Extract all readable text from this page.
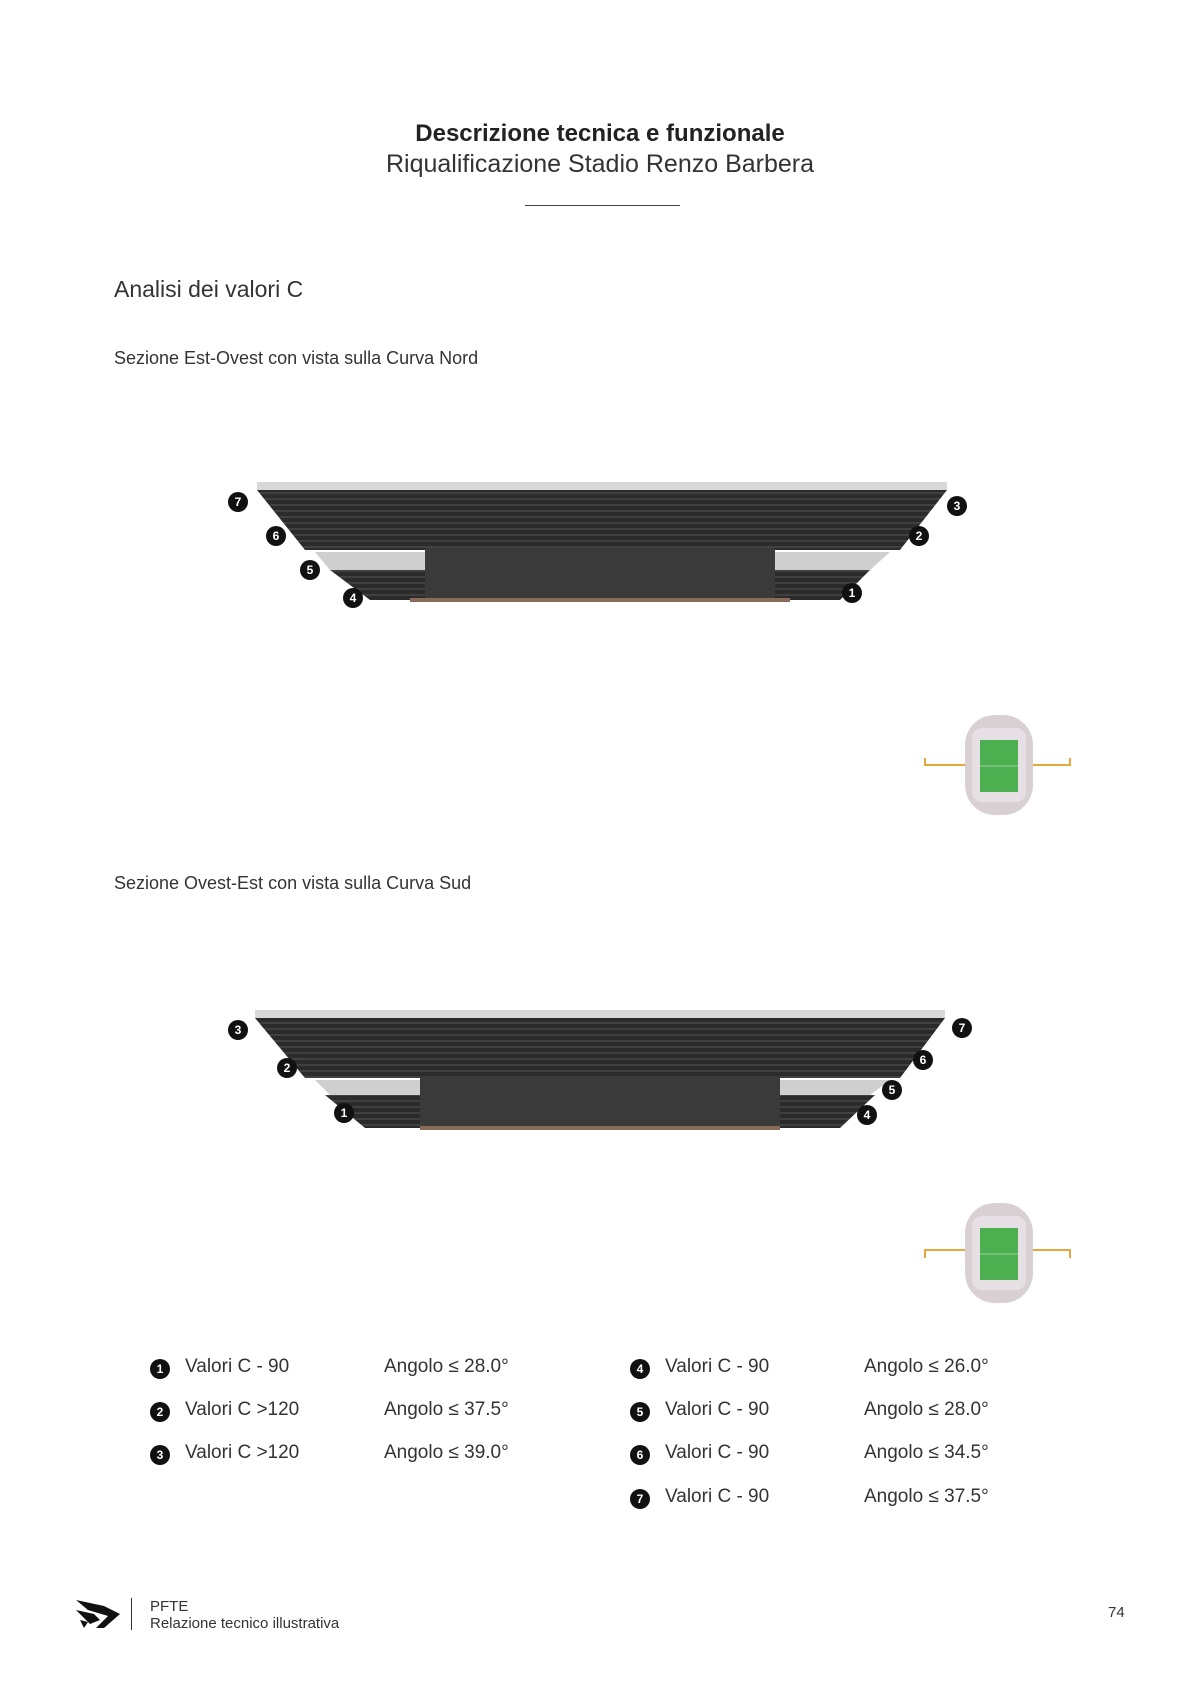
Descrizione tecnica e funzionale
Riqualificazione Stadio Renzo Barbera
Analisi dei valori C
Sezione Est-Ovest con vista sulla Curva Nord
7
6
5
4	1
2
3
Sezione Ovest-Est con vista sulla Curva Sud
3
2
1	4
5
6
7
1	Valori C - 90	Angolo ≤ 28.0°
2	Valori C >120	Angolo ≤ 37.5°
3	Valori C >120	Angolo ≤ 39.0°
4	Valori C - 90	Angolo ≤ 26.0°
5	Valori C - 90	Angolo ≤ 28.0°
6	Valori C - 90	Angolo ≤ 34.5°
7	Valori C - 90	Angolo ≤ 37.5°
PFTE
Relazione tecnico illustrativa
74
